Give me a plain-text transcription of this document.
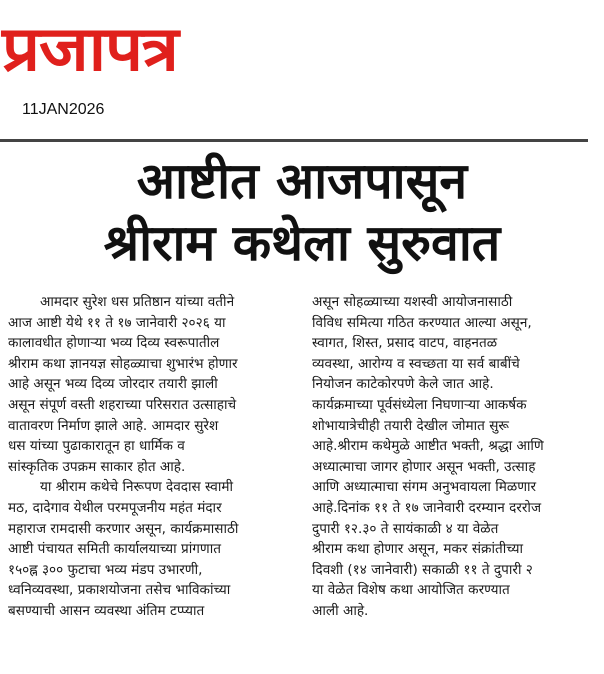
प्रजापत्र
11JAN2026
आष्टीत आजपासून
श्रीराम कथेला सुरुवात
आमदार सुरेश धस प्रतिष्ठान यांच्या वतीने
आज आष्टी येथे ११ ते १७ जानेवारी २०२६ या
कालावधीत होणाऱ्या भव्य दिव्य स्वरूपातील
श्रीराम कथा ज्ञानयज्ञ सोहळ्याचा शुभारंभ होणार
आहे असून भव्य दिव्य जोरदार तयारी झाली
असून संपूर्ण वस्ती शहराच्या परिसरात उत्साहाचे
वातावरण निर्माण झाले आहे. आमदार सुरेश
धस यांच्या पुढाकारातून हा धार्मिक व
सांस्कृतिक उपक्रम साकार होत आहे.
या श्रीराम कथेचे निरूपण देवदास स्वामी
मठ, दादेगाव येथील परमपूजनीय महंत मंदार
महाराज रामदासी करणार असून, कार्यक्रमासाठी
आष्टी पंचायत समिती कार्यालयाच्या प्रांगणात
१५०ह्न ३०० फुटाचा भव्य मंडप उभारणी,
ध्वनिव्यवस्था, प्रकाशयोजना तसेच भाविकांच्या
बसण्याची आसन व्यवस्था अंतिम टप्प्यात
असून सोहळ्याच्या यशस्वी आयोजनासाठी
विविध समित्या गठित करण्यात आल्या असून,
स्वागत, शिस्त, प्रसाद वाटप, वाहनतळ
व्यवस्था, आरोग्य व स्वच्छता या सर्व बाबींचे
नियोजन काटेकोरपणे केले जात आहे.
कार्यक्रमाच्या पूर्वसंध्येला निघणाऱ्या आकर्षक
शोभायात्रेचीही तयारी देखील जोमात सुरू
आहे.श्रीराम कथेमुळे आष्टीत भक्ती, श्रद्धा आणि
अध्यात्माचा जागर होणार असून भक्ती, उत्साह
आणि अध्यात्माचा संगम अनुभवायला मिळणार
आहे.दिनांक ११ ते १७ जानेवारी दरम्यान दररोज
दुपारी १२.३० ते सायंकाळी ४ या वेळेत
श्रीराम कथा होणार असून, मकर संक्रांतीच्या
दिवशी (१४ जानेवारी) सकाळी ११ ते दुपारी २
या वेळेत विशेष कथा आयोजित करण्यात
आली आहे.
